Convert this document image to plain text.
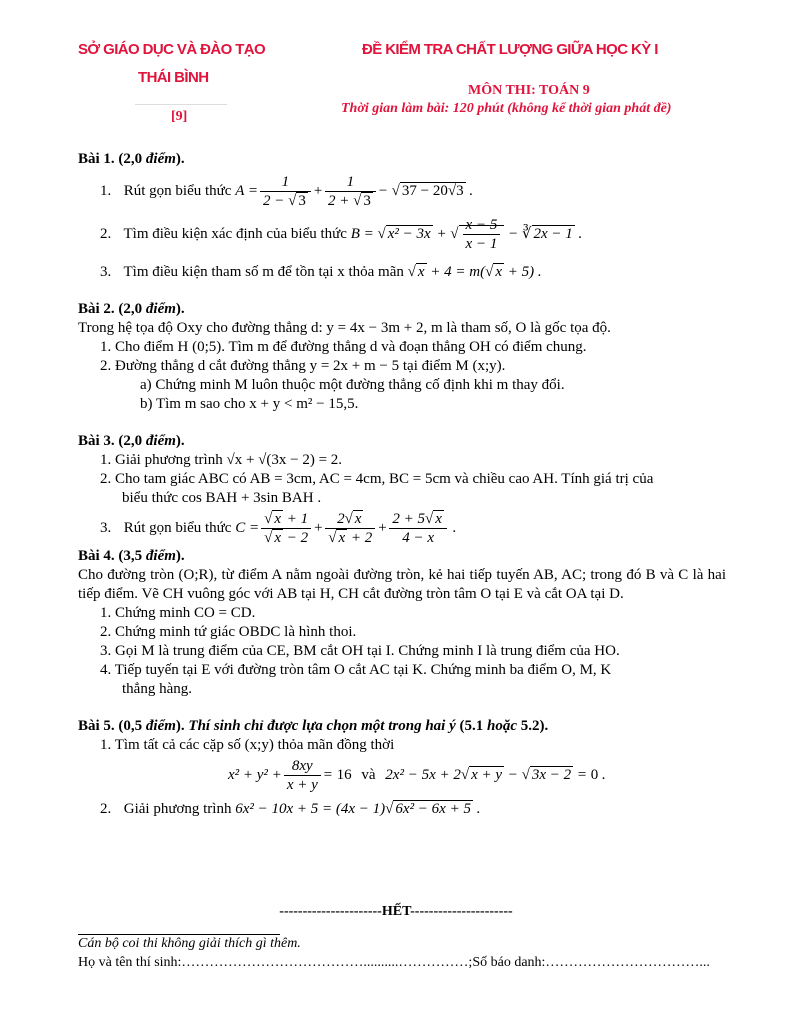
SỞ GIÁO DỤC VÀ ĐÀO TẠO
THÁI BÌNH
[9]
ĐỀ KIỂM TRA CHẤT LƯỢNG GIỮA HỌC KỲ I
MÔN THI: TOÁN 9
Thời gian làm bài: 120 phút (không kể thời gian phát đề)
Bài 1. (2,0 điểm).
1. Rút gọn biểu thức $A = \frac{1}{2 - √ 3} + \frac{1}{2 + √ 3}$ − √ 37 − 20√3 .
2. Tìm điều kiện xác định của biểu thức B = √ x² − 3x + √ $\frac{x - 5}{x - 1}$ − ∛ 2x − 1 .
3. Tìm điều kiện tham số m để tồn tại x thỏa mãn √ x + 4 = m(√ x + 5) .
Bài 2. (2,0 điểm).
Trong hệ tọa độ Oxy cho đường thẳng d: y = 4x − 3m + 2, m là tham số, O là gốc tọa độ.
1. Cho điểm H (0;5). Tìm m để đường thẳng d và đoạn thẳng OH có điểm chung.
2. Đường thẳng d cắt đường thẳng y = 2x + m − 5 tại điểm M (x;y).
a) Chứng minh M luôn thuộc một đường thẳng cố định khi m thay đổi.
b) Tìm m sao cho x + y < m² − 15,5.
Bài 3. (2,0 điểm).
1. Giải phương trình √x + √(3x − 2) = 2.
2. Cho tam giác ABC có AB = 3cm, AC = 4cm, BC = 5cm và chiều cao AH. Tính giá trị của
biểu thức cos BAH + 3sin BAH .
3. Rút gọn biểu thức $C = \frac{√ x + 1}{√ x - 2} + \frac{2√ x}{√ x + 2} + \frac{2 + 5√ x}{4 - x}$ .
Bài 4. (3,5 điểm).
Cho đường tròn (O;R), từ điểm A nằm ngoài đường tròn, kẻ hai tiếp tuyến AB, AC; trong đó B và C là hai tiếp điểm. Vẽ CH vuông góc với AB tại H, CH cắt đường tròn tâm O tại E và cắt OA tại D.
1. Chứng minh CO = CD.
2. Chứng minh tứ giác OBDC là hình thoi.
3. Gọi M là trung điểm của CE, BM cắt OH tại I. Chứng minh I là trung điểm của HO.
4. Tiếp tuyến tại E với đường tròn tâm O cắt AC tại K. Chứng minh ba điểm O, M, K
thẳng hàng.
Bài 5. (0,5 điểm). Thí sinh chỉ được lựa chọn một trong hai ý (5.1 hoặc 5.2).
1. Tìm tất cả các cặp số (x;y) thỏa mãn đồng thời
$x^2 + y^2 + \frac{8xy}{x + y} = 16$ và 2x² − 5x + 2√ x + y − √ 3x − 2 = 0 .
2. Giải phương trình 6x² − 10x + 5 = (4x − 1)√ 6x² − 6x + 5 .
----------------------HẾT----------------------
Cán bộ coi thi không giải thích gì thêm.
Họ và tên thí sinh:…………………………………..........……………;Số báo danh:……………………………...
